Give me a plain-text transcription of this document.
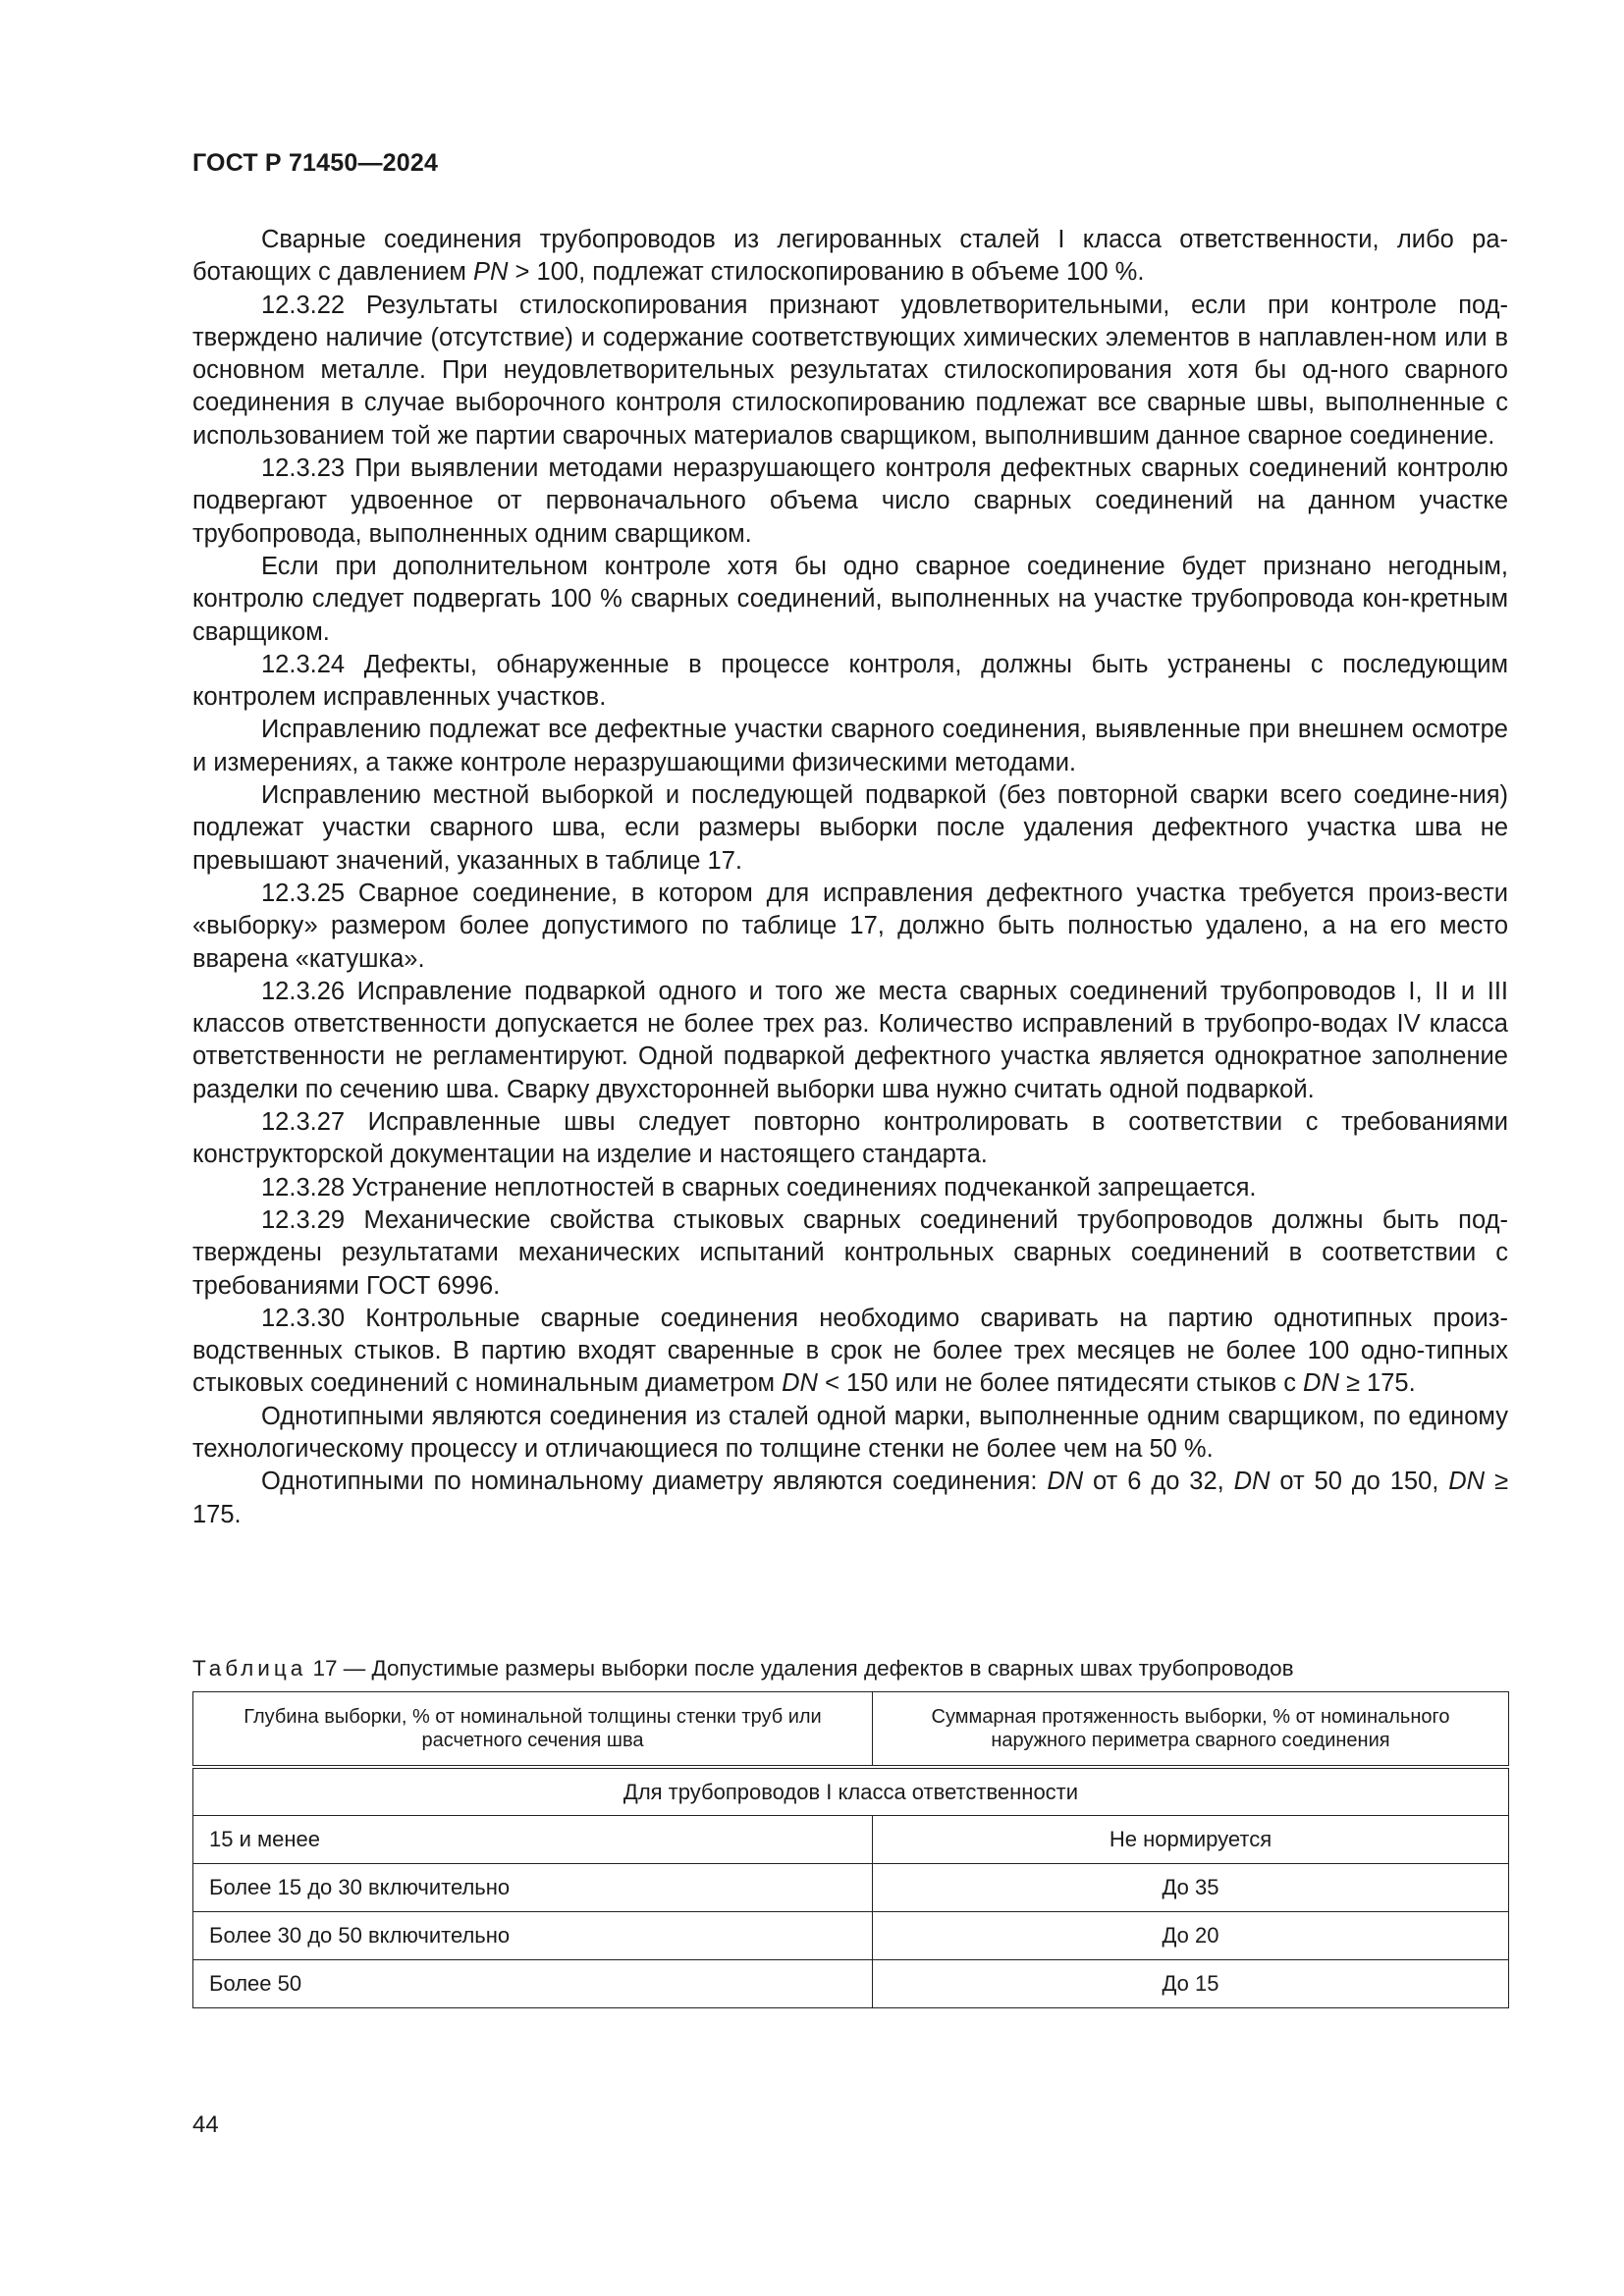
ГОСТ Р 71450—2024

Сварные соединения трубопроводов из легированных сталей I класса ответственности, либо ра-ботающих с давлением PN > 100, подлежат стилоскопированию в объеме 100 %.

12.3.22 Результаты стилоскопирования признают удовлетворительными, если при контроле под-тверждено наличие (отсутствие) и содержание соответствующих химических элементов в наплавлен-ном или в основном металле. При неудовлетворительных результатах стилоскопирования хотя бы од-ного сварного соединения в случае выборочного контроля стилоскопированию подлежат все сварные швы, выполненные с использованием той же партии сварочных материалов сварщиком, выполнившим данное сварное соединение.

12.3.23 При выявлении методами неразрушающего контроля дефектных сварных соединений контролю подвергают удвоенное от первоначального объема число сварных соединений на данном участке трубопровода, выполненных одним сварщиком.

Если при дополнительном контроле хотя бы одно сварное соединение будет признано негодным, контролю следует подвергать 100 % сварных соединений, выполненных на участке трубопровода кон-кретным сварщиком.

12.3.24 Дефекты, обнаруженные в процессе контроля, должны быть устранены с последующим контролем исправленных участков.

Исправлению подлежат все дефектные участки сварного соединения, выявленные при внешнем осмотре и измерениях, а также контроле неразрушающими физическими методами.

Исправлению местной выборкой и последующей подваркой (без повторной сварки всего соедине-ния) подлежат участки сварного шва, если размеры выборки после удаления дефектного участка шва не превышают значений, указанных в таблице 17.

12.3.25 Сварное соединение, в котором для исправления дефектного участка требуется произ-вести «выборку» размером более допустимого по таблице 17, должно быть полностью удалено, а на его место вварена «катушка».

12.3.26 Исправление подваркой одного и того же места сварных соединений трубопроводов I, II и III классов ответственности допускается не более трех раз. Количество исправлений в трубопро-водах IV класса ответственности не регламентируют. Одной подваркой дефектного участка является однократное заполнение разделки по сечению шва. Сварку двухсторонней выборки шва нужно считать одной подваркой.

12.3.27 Исправленные швы следует повторно контролировать в соответствии с требованиями конструкторской документации на изделие и настоящего стандарта.

12.3.28 Устранение неплотностей в сварных соединениях подчеканкой запрещается.

12.3.29 Механические свойства стыковых сварных соединений трубопроводов должны быть под-тверждены результатами механических испытаний контрольных сварных соединений в соответствии с требованиями ГОСТ 6996.

12.3.30 Контрольные сварные соединения необходимо сваривать на партию однотипных произ-водственных стыков. В партию входят сваренные в срок не более трех месяцев не более 100 одно-типных стыковых соединений с номинальным диаметром DN < 150 или не более пятидесяти стыков с DN ≥ 175.

Однотипными являются соединения из сталей одной марки, выполненные одним сварщиком, по единому технологическому процессу и отличающиеся по толщине стенки не более чем на 50 %.

Однотипными по номинальному диаметру являются соединения: DN от 6 до 32, DN от 50 до 150, DN ≥ 175.

Таблица 17 — Допустимые размеры выборки после удаления дефектов в сварных швах трубопроводов
Глубина выборки, % от номинальной толщины стенки труб или расчетного сечения шва	Суммарная протяженность выборки, % от номинального наружного периметра сварного соединения
Для трубопроводов I класса ответственности	
15 и менее	Не нормируется
Более 15 до 30 включительно	До 35
Более 30 до 50 включительно	До 20
Более 50	До 15
44
